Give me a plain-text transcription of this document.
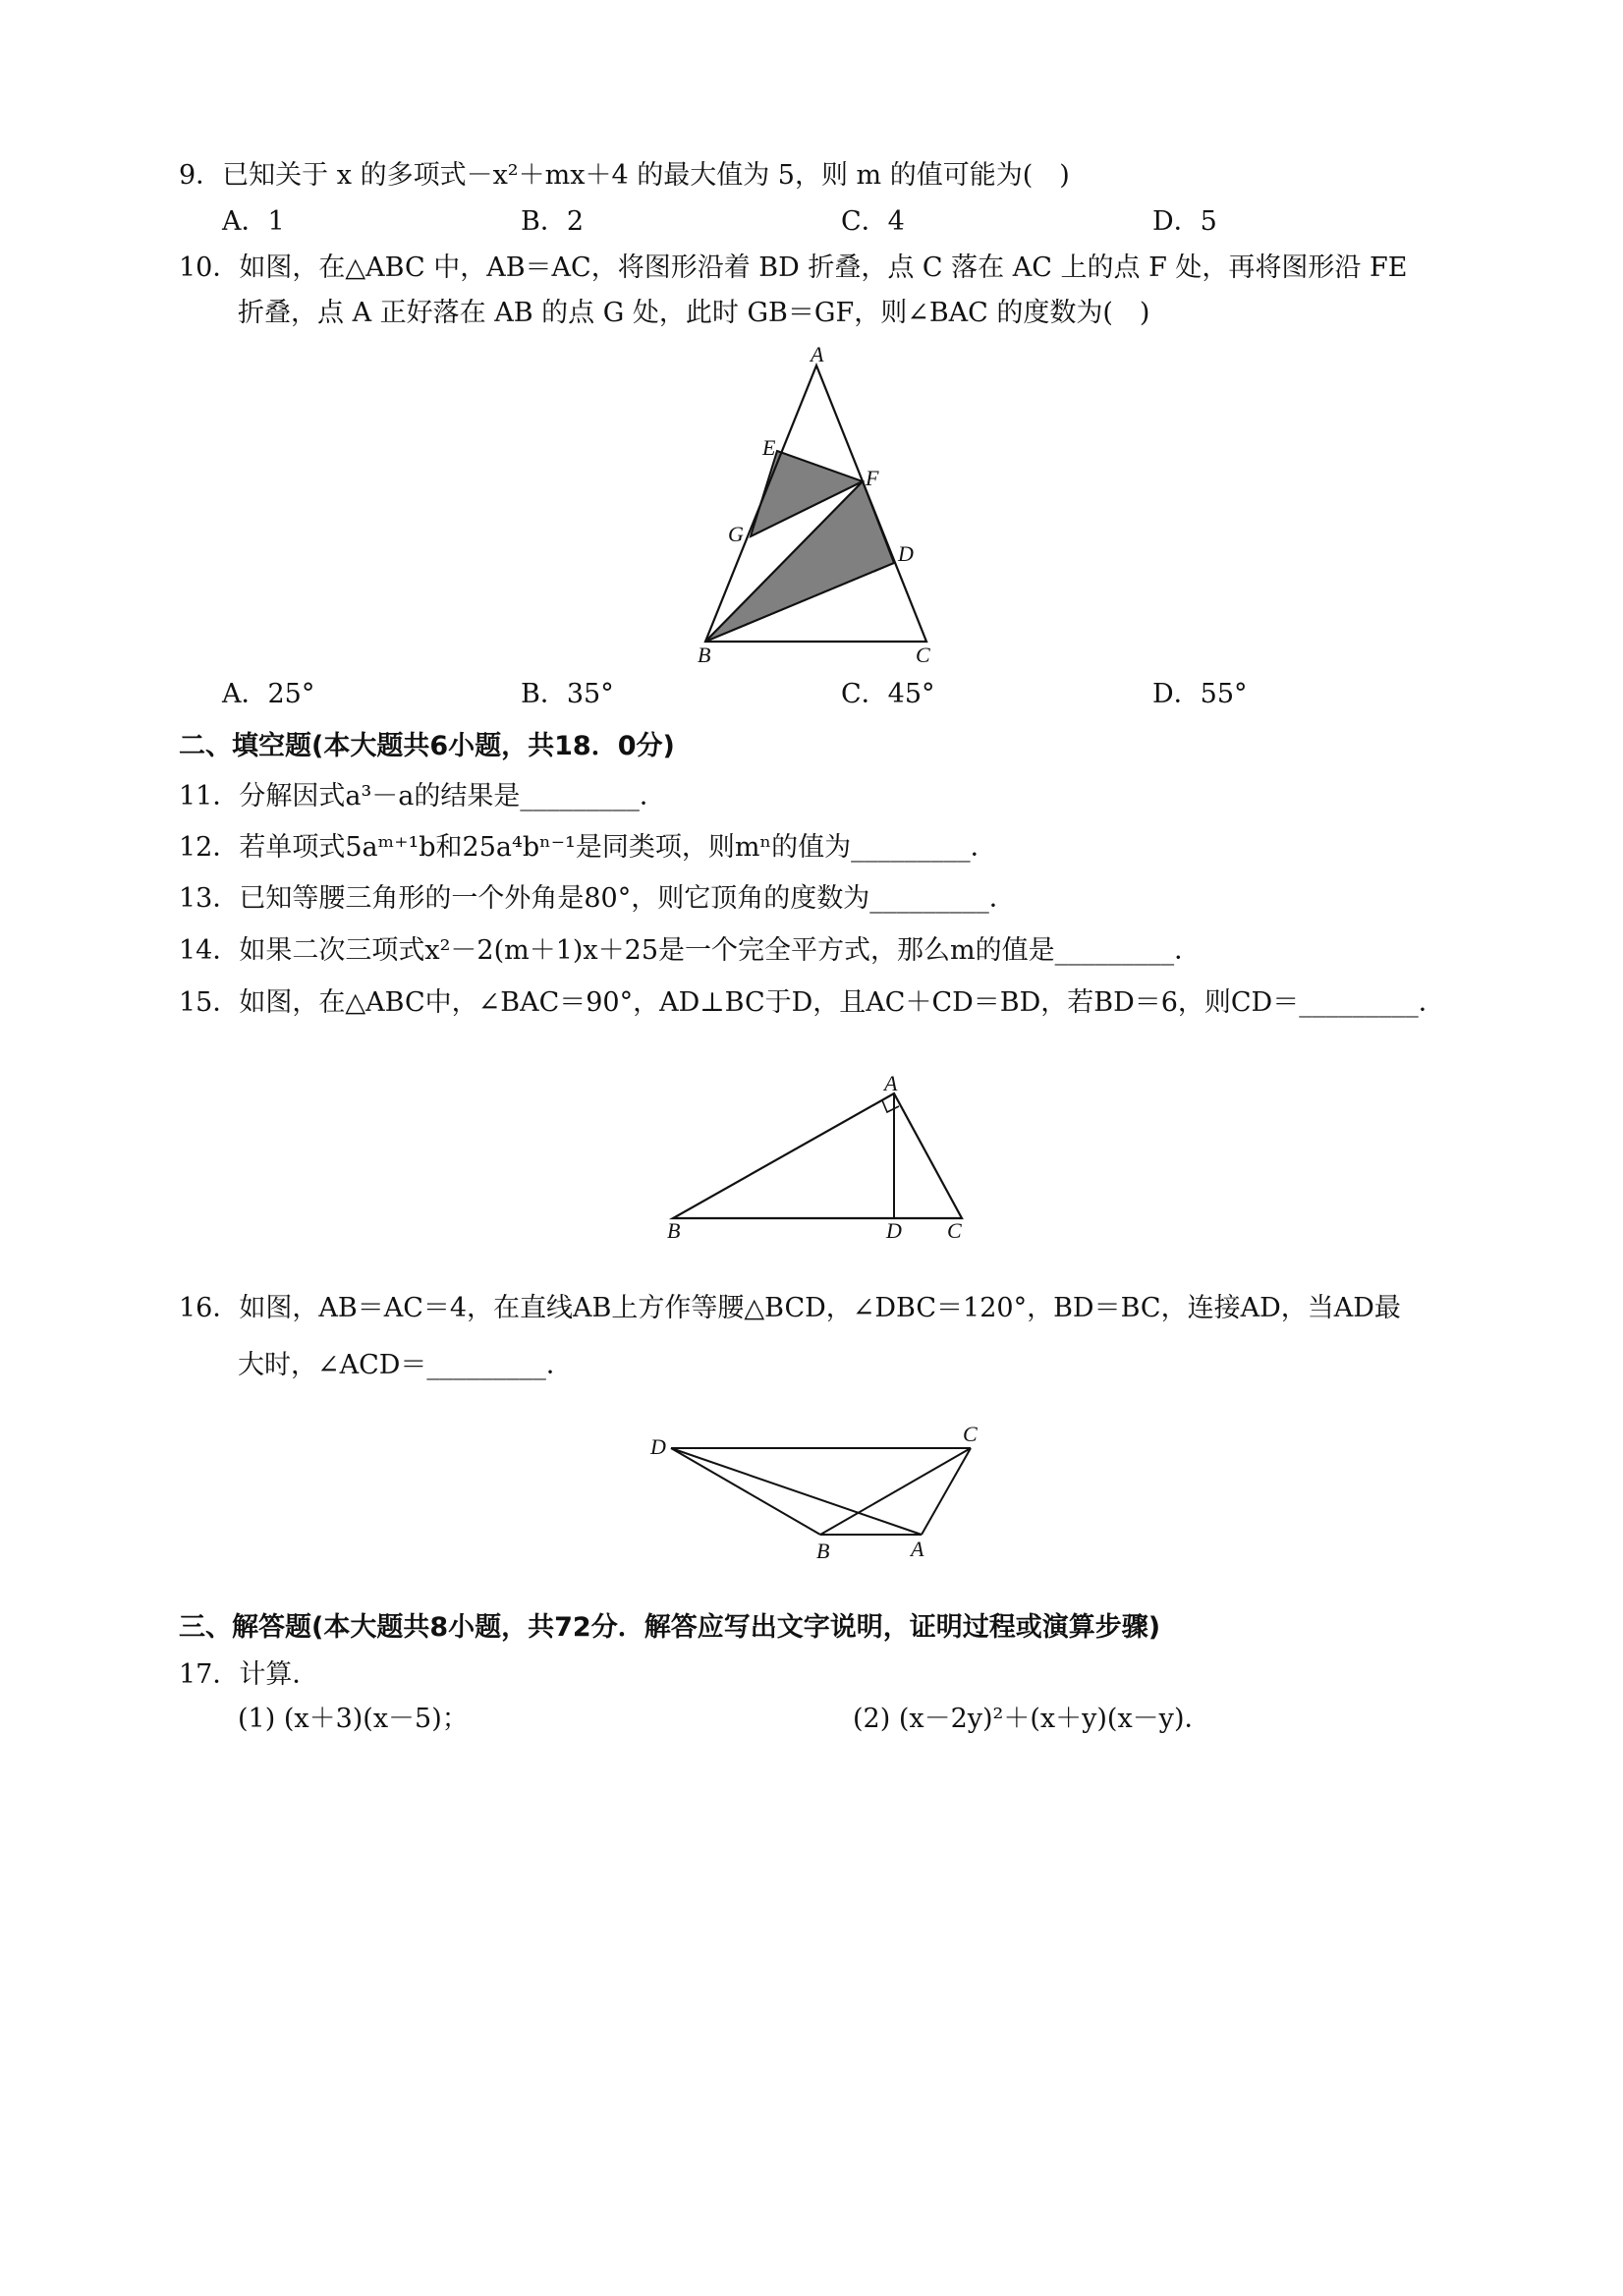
9．已知关于 x 的多项式－x²＋mx＋4 的最大值为 5，则 m 的值可能为(　)
A．1	B．2	C．4	D．5
10．如图，在△ABC 中，AB＝AC，将图形沿着 BD 折叠，点 C 落在 AC 上的点 F 处，再将图形沿 FE
折叠，点 A 正好落在 AB 的点 G 处，此时 GB＝GF，则∠BAC 的度数为(　)
A
E
F
G
D
B	C
A．25°	B．35°	C．45°	D．55°
二、填空题(本大题共6小题，共18．0分)
11．分解因式a³－a的结果是_________．
12．若单项式5aᵐ⁺¹b和25a⁴bⁿ⁻¹是同类项，则mⁿ的值为_________．
13．已知等腰三角形的一个外角是80°，则它顶角的度数为_________．
14．如果二次三项式x²－2(m＋1)x＋25是一个完全平方式，那么m的值是_________．
15．如图，在△ABC中，∠BAC＝90°，AD⊥BC于D，且AC＋CD＝BD，若BD＝6，则CD＝_________．
A
B	D C
16．如图，AB＝AC＝4，在直线AB上方作等腰△BCD，∠DBC＝120°，BD＝BC，连接AD，当AD最
大时，∠ACD＝_________．
D
C
B	A
三、解答题(本大题共8小题，共72分．解答应写出文字说明，证明过程或演算步骤)
17．计算．
(1) (x＋3)(x－5)；	(2) (x－2y)²＋(x＋y)(x－y)．
